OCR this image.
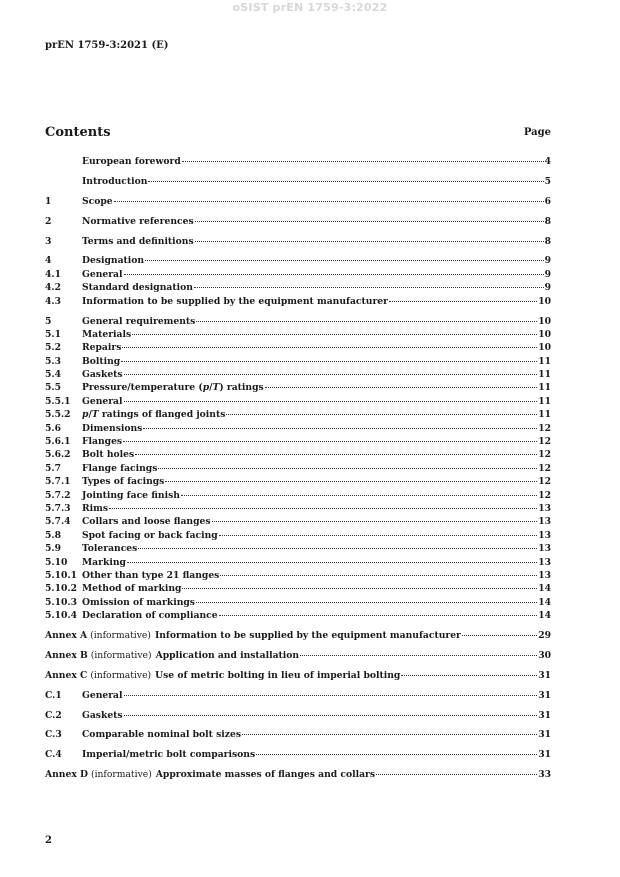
oSIST prEN 1759-3:2022
prEN 1759-3:2021 (E)
Contents	Page
European foreword	4
Introduction	5
1	Scope	6
2	Normative references	8
3	Terms and definitions	8
4	Designation	9
4.1	General	9
4.2	Standard designation	9
4.3	Information to be supplied by the equipment manufacturer	10
5	General requirements	10
5.1	Materials	10
5.2	Repairs	10
5.3	Bolting	11
5.4	Gaskets	11
5.5	Pressure/temperature (p/T) ratings	11
5.5.1	General	11
5.5.2	p/T ratings of flanged joints	11
5.6	Dimensions	12
5.6.1	Flanges	12
5.6.2	Bolt holes	12
5.7	Flange facings	12
5.7.1	Types of facings	12
5.7.2	Jointing face finish	12
5.7.3	Rims	13
5.7.4	Collars and loose flanges	13
5.8	Spot facing or back facing	13
5.9	Tolerances	13
5.10	Marking	13
5.10.1 Other than type 21 flanges	13
5.10.2 Method of marking	14
5.10.3 Omission of markings	14
5.10.4 Declaration of compliance	14
Annex A (informative) Information to be supplied by the equipment manufacturer	29
Annex B (informative) Application and installation	30
Annex C (informative) Use of metric bolting in lieu of imperial bolting	31
C.1	General	31
C.2	Gaskets	31
C.3	Comparable nominal bolt sizes	31
C.4	Imperial/metric bolt comparisons	31
Annex D (informative) Approximate masses of flanges and collars	33
2
